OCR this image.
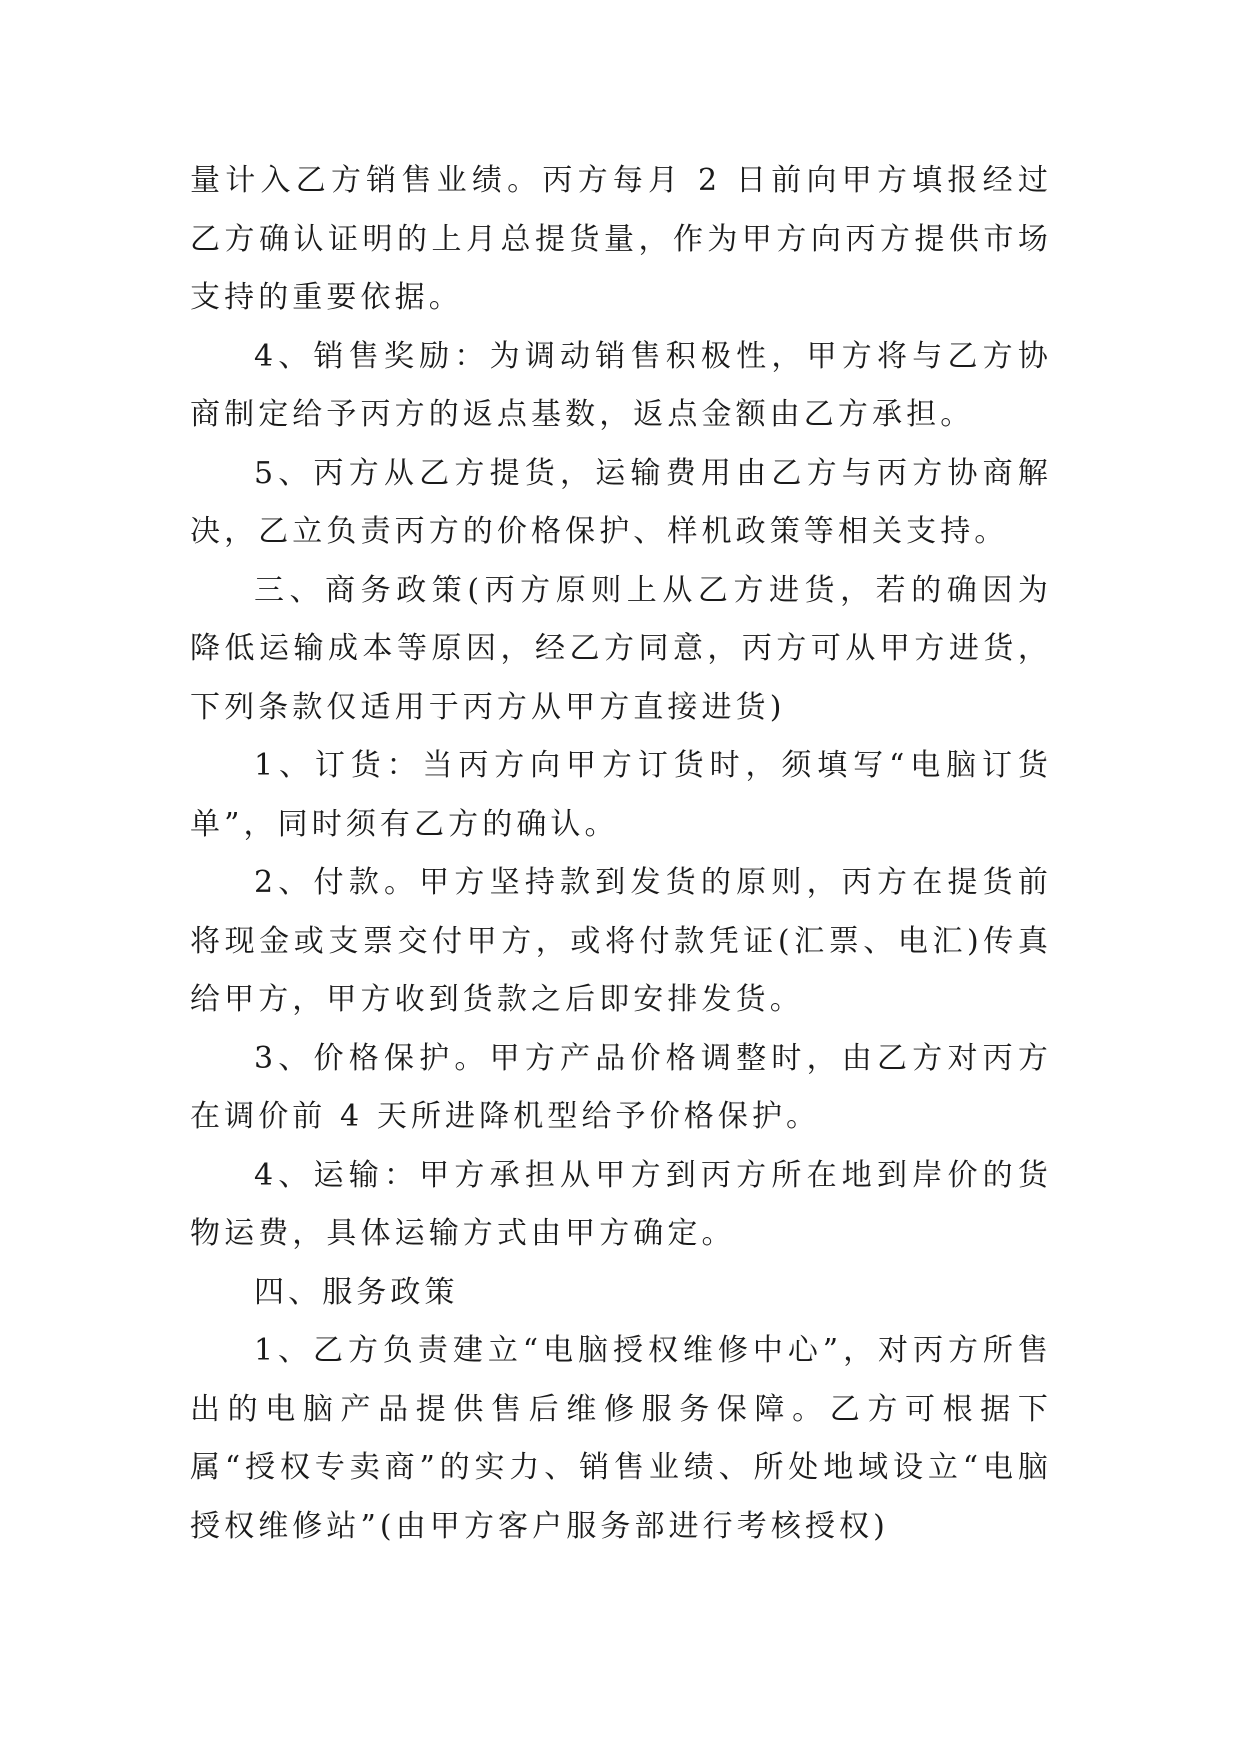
量计入乙方销售业绩。丙方每月 2 日前向甲方填报经过乙方确认证明的上月总提货量，作为甲方向丙方提供市场支持的重要依据。

4、销售奖励：为调动销售积极性，甲方将与乙方协商制定给予丙方的返点基数，返点金额由乙方承担。

5、丙方从乙方提货，运输费用由乙方与丙方协商解决，乙立负责丙方的价格保护、样机政策等相关支持。

三、商务政策(丙方原则上从乙方进货，若的确因为降低运输成本等原因，经乙方同意，丙方可从甲方进货，下列条款仅适用于丙方从甲方直接进货)

1、订货：当丙方向甲方订货时，须填写“电脑订货单”，同时须有乙方的确认。

2、付款。甲方坚持款到发货的原则，丙方在提货前将现金或支票交付甲方，或将付款凭证(汇票、电汇)传真给甲方，甲方收到货款之后即安排发货。

3、价格保护。甲方产品价格调整时，由乙方对丙方在调价前 4 天所进降机型给予价格保护。

4、运输：甲方承担从甲方到丙方所在地到岸价的货物运费，具体运输方式由甲方确定。

四、服务政策

1、乙方负责建立“电脑授权维修中心”，对丙方所售出的电脑产品提供售后维修服务保障。乙方可根据下属“授权专卖商”的实力、销售业绩、所处地域设立“电脑授权维修站”(由甲方客户服务部进行考核授权)
